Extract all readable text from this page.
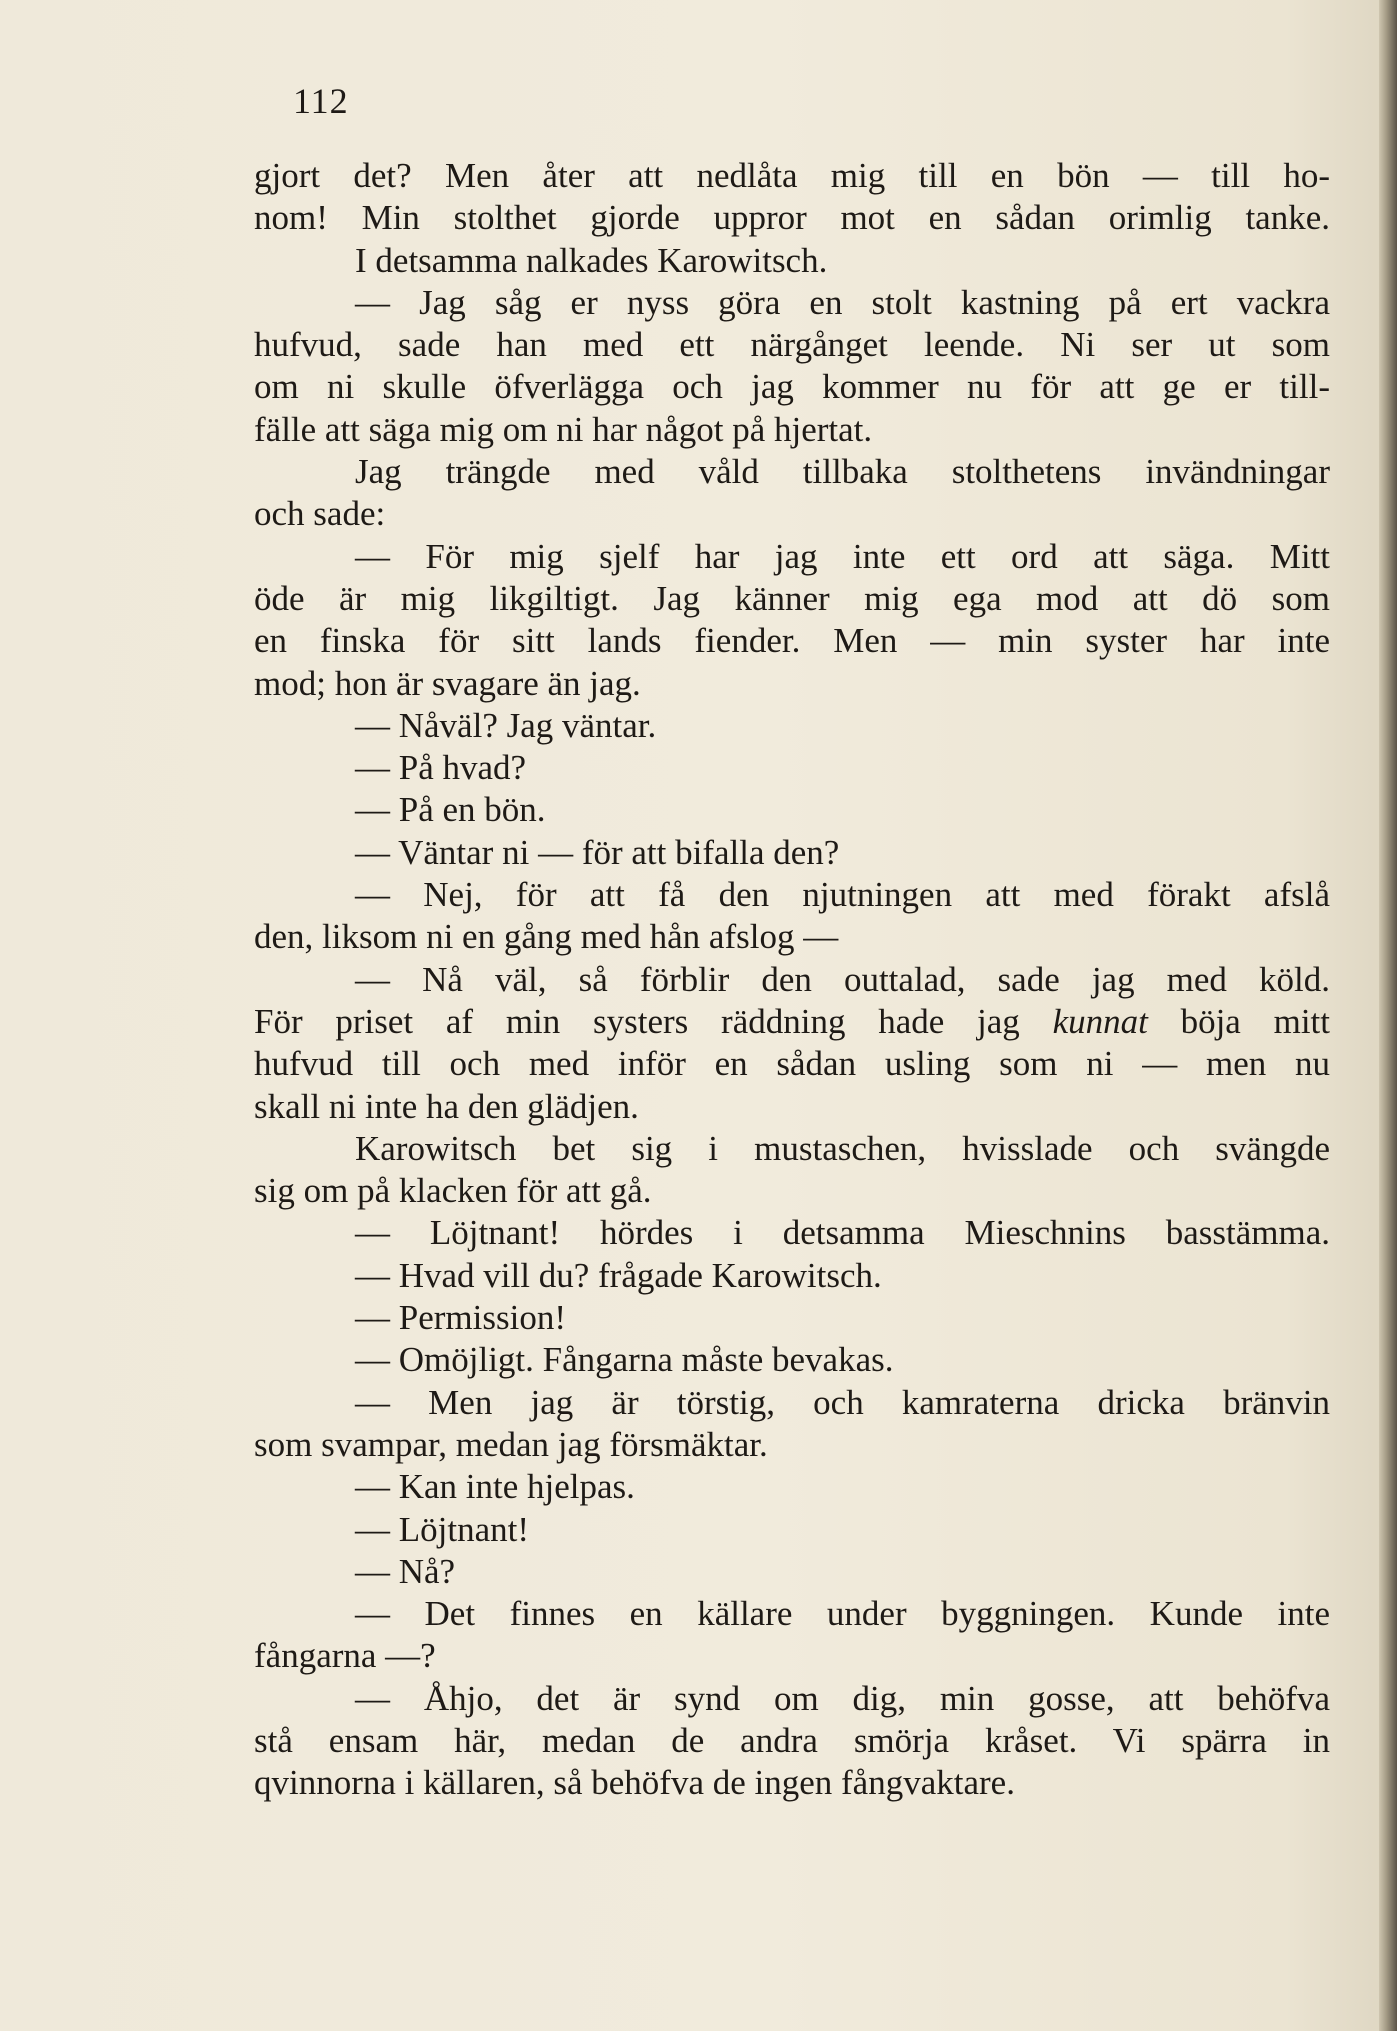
112
gjort det? Men åter att nedlåta mig till en bön — till ho-
nom! Min stolthet gjorde uppror mot en sådan orimlig tanke.
I detsamma nalkades Karowitsch.
— Jag såg er nyss göra en stolt kastning på ert vackra
hufvud, sade han med ett närgånget leende. Ni ser ut som
om ni skulle öfverlägga och jag kommer nu för att ge er till-
fälle att säga mig om ni har något på hjertat.
Jag trängde med våld tillbaka stolthetens invändningar
och sade:
— För mig sjelf har jag inte ett ord att säga. Mitt
öde är mig likgiltigt. Jag känner mig ega mod att dö som
en finska för sitt lands fiender. Men — min syster har inte
mod; hon är svagare än jag.
— Nåväl? Jag väntar.
— På hvad?
— På en bön.
— Väntar ni — för att bifalla den?
— Nej, för att få den njutningen att med förakt afslå
den, liksom ni en gång med hån afslog —
— Nå väl, så förblir den outtalad, sade jag med köld.
För priset af min systers räddning hade jag kunnat böja mitt
hufvud till och med inför en sådan usling som ni — men nu
skall ni inte ha den glädjen.
Karowitsch bet sig i mustaschen, hvisslade och svängde
sig om på klacken för att gå.
— Löjtnant! hördes i detsamma Mieschnins basstämma.
— Hvad vill du? frågade Karowitsch.
— Permission!
— Omöjligt. Fångarna måste bevakas.
— Men jag är törstig, och kamraterna dricka bränvin
som svampar, medan jag försmäktar.
— Kan inte hjelpas.
— Löjtnant!
— Nå?
— Det finnes en källare under byggningen. Kunde inte
fångarna —?
— Åhjo, det är synd om dig, min gosse, att behöfva
stå ensam här, medan de andra smörja kråset. Vi spärra in
qvinnorna i källaren, så behöfva de ingen fångvaktare.
